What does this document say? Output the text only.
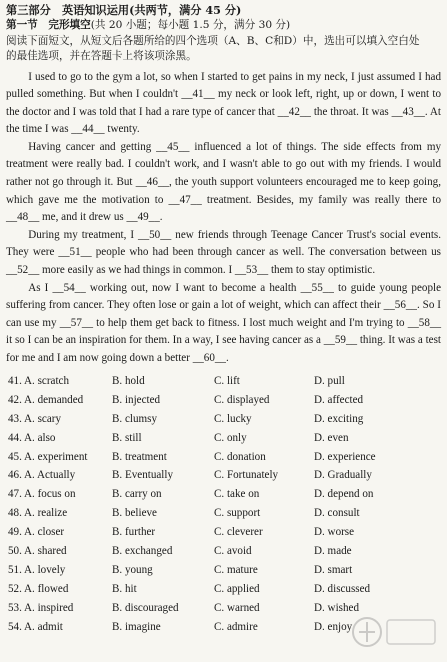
第三部分　英语知识运用(共两节，满分 45 分)
第一节　完形填空(共 20 小题；每小题 1.5 分，满分 30 分)
阅读下面短文，从短文后各题所给的四个选项（A、B、C和D）中，选出可以填入空白处
的最佳选项，并在答题卡上将该项涂黑。

I used to go to the gym a lot, so when I started to get pains in my neck, I just assumed I had pulled something. But when I couldn't __41__ my neck or look left, right, up or down, I went to the doctor and I was told that I had a rare type of cancer that __42__ the throat. It was __43__. At the time I was __44__ twenty.

Having cancer and getting __45__ influenced a lot of things. The side effects from my treatment were really bad. I couldn't work, and I wasn't able to go out with my friends. I would rather not go through it. But __46__, the youth support volunteers encouraged me to keep going, which gave me the motivation to __47__ treatment. Besides, my family was really there to __48__ me, and it drew us __49__.

During my treatment, I __50__ new friends through Teenage Cancer Trust's social events. They were __51__ people who had been through cancer as well. The conversation between us __52__ more easily as we had things in common. I __53__ them to stay optimistic.

As I __54__ working out, now I want to become a health __55__ to guide young people suffering from cancer. They often lose or gain a lot of weight, which can affect their __56__. So I can use my __57__ to help them get back to fitness. I lost much weight and I'm trying to __58__ it so I can be an inspiration for them. In a way, I see having cancer as a __59__ thing. It was a test for me and I am now going down a better __60__.

41. A. scratch	B. hold	C. lift	D. pull
42. A. demanded	B. injected	C. displayed	D. affected
43. A. scary	B. clumsy	C. lucky	D. exciting
44. A. also	B. still	C. only	D. even
45. A. experiment	B. treatment	C. donation	D. experience
46. A. Actually	B. Eventually	C. Fortunately	D. Gradually
47. A. focus on	B. carry on	C. take on	D. depend on
48. A. realize	B. believe	C. support	D. consult
49. A. closer	B. further	C. cleverer	D. worse
50. A. shared	B. exchanged	C. avoid	D. made
51. A. lovely	B. young	C. mature	D. smart
52. A. flowed	B. hit	C. applied	D. discussed
53. A. inspired	B. discouraged	C. warned	D. wished
54. A. admit	B. imagine	C. admire	D. enjoy
